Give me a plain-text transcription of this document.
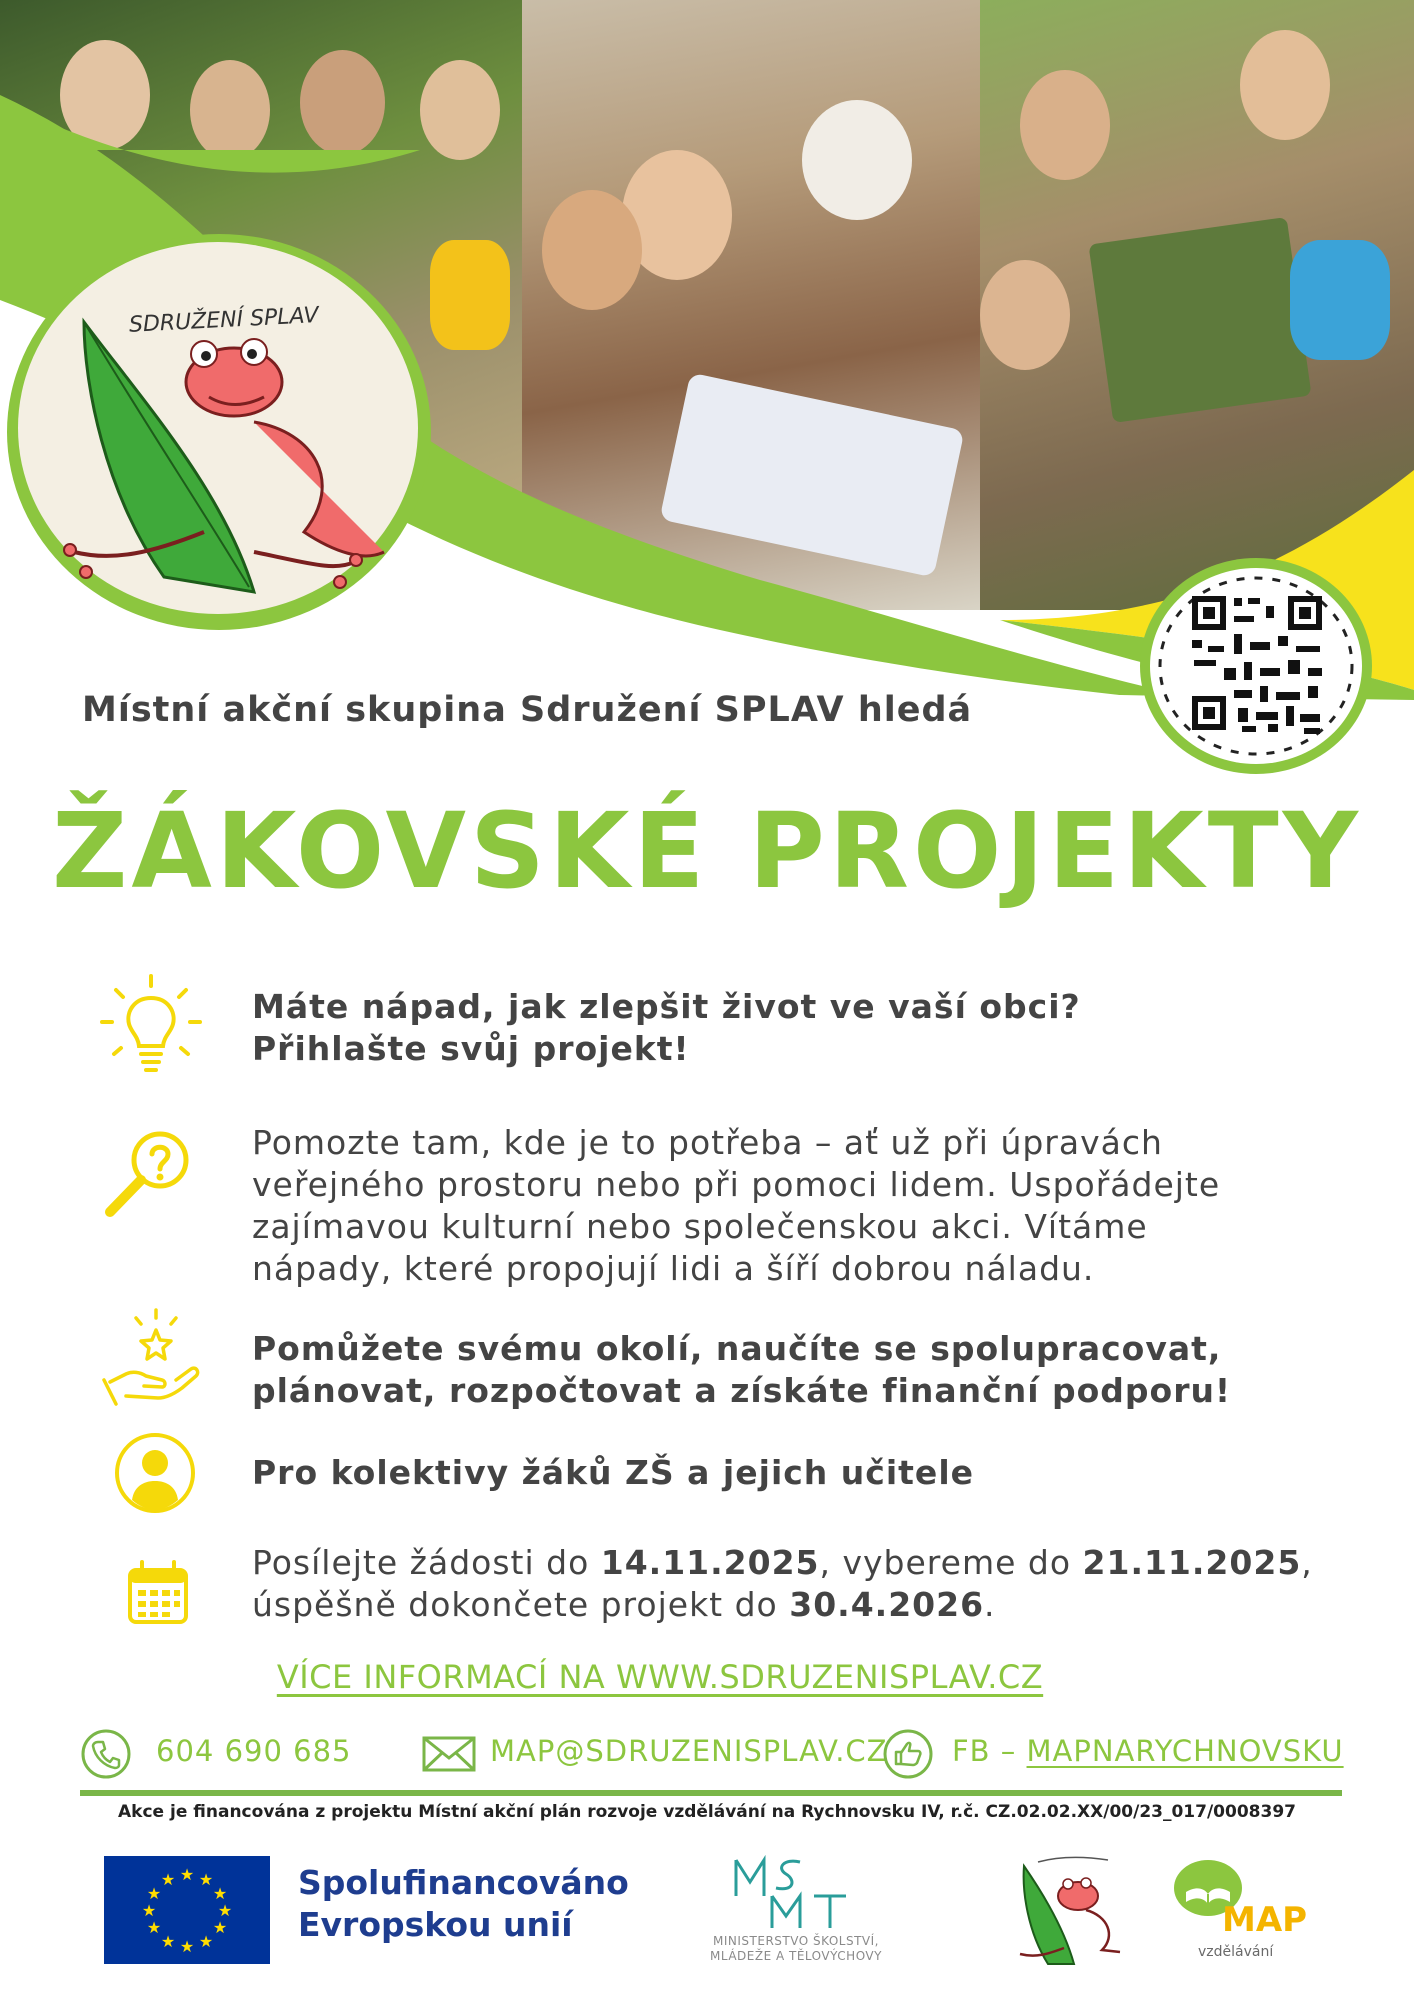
SDRUŽENÍ SPLAV
Místní akční skupina Sdružení SPLAV hledá
ŽÁKOVSKÉ PROJEKTY
Máte nápad, jak zlepšit život ve vaší obci?
Přihlašte svůj projekt!
Pomozte tam, kde je to potřeba – ať už při úpravách
veřejného prostoru nebo při pomoci lidem. Uspořádejte
zajímavou kulturní nebo společenskou akci. Vítáme
nápady, které propojují lidi a šíří dobrou náladu.
Pomůžete svému okolí, naučíte se spolupracovat,
plánovat, rozpočtovat a získáte finanční podporu!
Pro kolektivy žáků ZŠ a jejich učitele
Posílejte žádosti do 14.11.2025, vybereme do 21.11.2025,
úspěšně dokončete projekt do 30.4.2026.
VÍCE INFORMACÍ NA WWW.SDRUZENISPLAV.CZ
604 690 685	MAP@SDRUZENISPLAV.CZ FB – MAPNARYCHNOVSKU
Akce je financována z projektu Místní akční plán rozvoje vzdělávání na Rychnovsku IV, r.č. CZ.02.02.XX/00/23_017/0008397
★ ★
★
★
★
★
★
★
★
★
★
★	Spolufinancováno
Evropskou unií	MINISTERSTVO ŠKOLSTVÍ,
MLÁDEŽE A TĚLOVÝCHOVY
MAP
vzdělávání
